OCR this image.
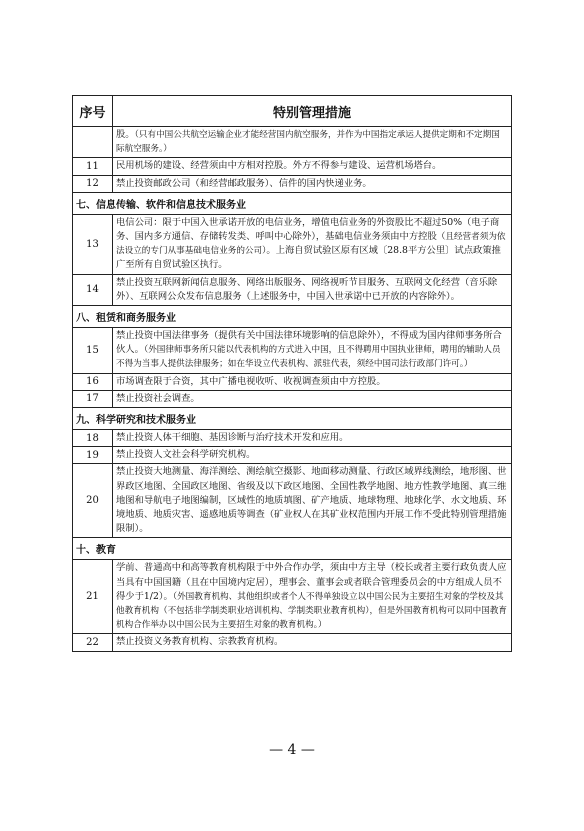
序号	特别管理措施
	股。（只有中国公共航空运输企业才能经营国内航空服务，并作为中国指定承运人提供定期和不定期国际航空服务。）
11	民用机场的建设、经营须由中方相对控股。外方不得参与建设、运营机场塔台。
12	禁止投资邮政公司（和经营邮政服务）、信件的国内快递业务。
七、信息传输、软件和信息技术服务业	
13	电信公司：限于中国入世承诺开放的电信业务，增值电信业务的外资股比不超过50%（电子商务、国内多方通信、存储转发类、呼叫中心除外），基础电信业务须由中方控股（且经营者须为依法设立的专门从事基础电信业务的公司）。上海自贸试验区原有区域〔28.8平方公里〕试点政策推广至所有自贸试验区执行。
14	禁止投资互联网新闻信息服务、网络出版服务、网络视听节目服务、互联网文化经营（音乐除外）、互联网公众发布信息服务（上述服务中，中国入世承诺中已开放的内容除外）。
八、租赁和商务服务业	
15	禁止投资中国法律事务（提供有关中国法律环境影响的信息除外），不得成为国内律师事务所合伙人。（外国律师事务所只能以代表机构的方式进入中国，且不得聘用中国执业律师，聘用的辅助人员不得为当事人提供法律服务；如在华设立代表机构、派驻代表，须经中国司法行政部门许可。）
16	市场调查限于合资，其中广播电视收听、收视调查须由中方控股。
17	禁止投资社会调查。
九、科学研究和技术服务业	
18	禁止投资人体干细胞、基因诊断与治疗技术开发和应用。
19	禁止投资人文社会科学研究机构。
20	禁止投资大地测量、海洋测绘、测绘航空摄影、地面移动测量、行政区域界线测绘，地形图、世界政区地图、全国政区地图、省级及以下政区地图、全国性教学地图、地方性教学地图、真三维地图和导航电子地图编制，区域性的地质填图、矿产地质、地球物理、地球化学、水文地质、环境地质、地质灾害、遥感地质等调查（矿业权人在其矿业权范围内开展工作不受此特别管理措施限制）。
十、教育	
21	学前、普通高中和高等教育机构限于中外合作办学，须由中方主导（校长或者主要行政负责人应当具有中国国籍（且在中国境内定居），理事会、董事会或者联合管理委员会的中方组成人员不得少于1/2）。（外国教育机构、其他组织或者个人不得单独设立以中国公民为主要招生对象的学校及其他教育机构（不包括非学制类职业培训机构、学制类职业教育机构），但是外国教育机构可以同中国教育机构合作举办以中国公民为主要招生对象的教育机构。）
22	禁止投资义务教育机构、宗教教育机构。
— 4 —
